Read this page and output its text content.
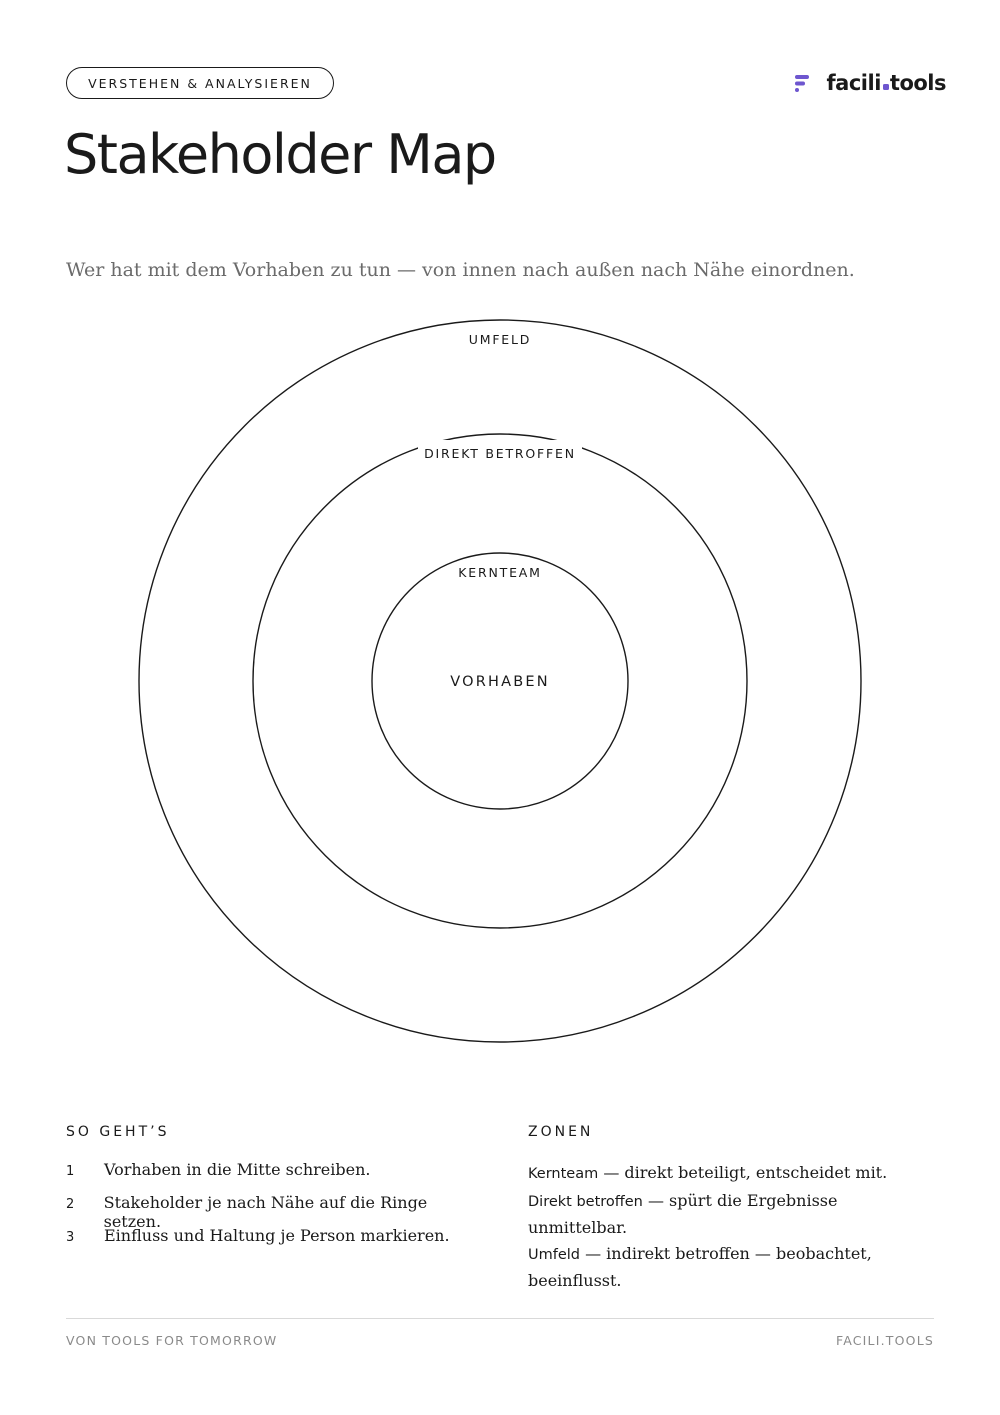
VERSTEHEN & ANALYSIEREN	facili tools
Stakeholder Map

Wer hat mit dem Vorhaben zu tun — von innen nach außen nach Nähe einordnen.

UMFELD
DIREKT BETROFFEN
KERNTEAM
VORHABEN
SO GEHT’S
1	Vorhaben in die Mitte schreiben.
2	Stakeholder je nach Nähe auf die Ringe setzen.
3	Einfluss und Haltung je Person markieren.
ZONEN
Kernteam — direkt beteiligt, entscheidet mit.
Direkt betroffen — spürt die Ergebnisse unmittelbar.
Umfeld — indirekt betroffen — beobachtet, beeinflusst.
VON TOOLS FOR TOMORROW	FACILI.TOOLS
